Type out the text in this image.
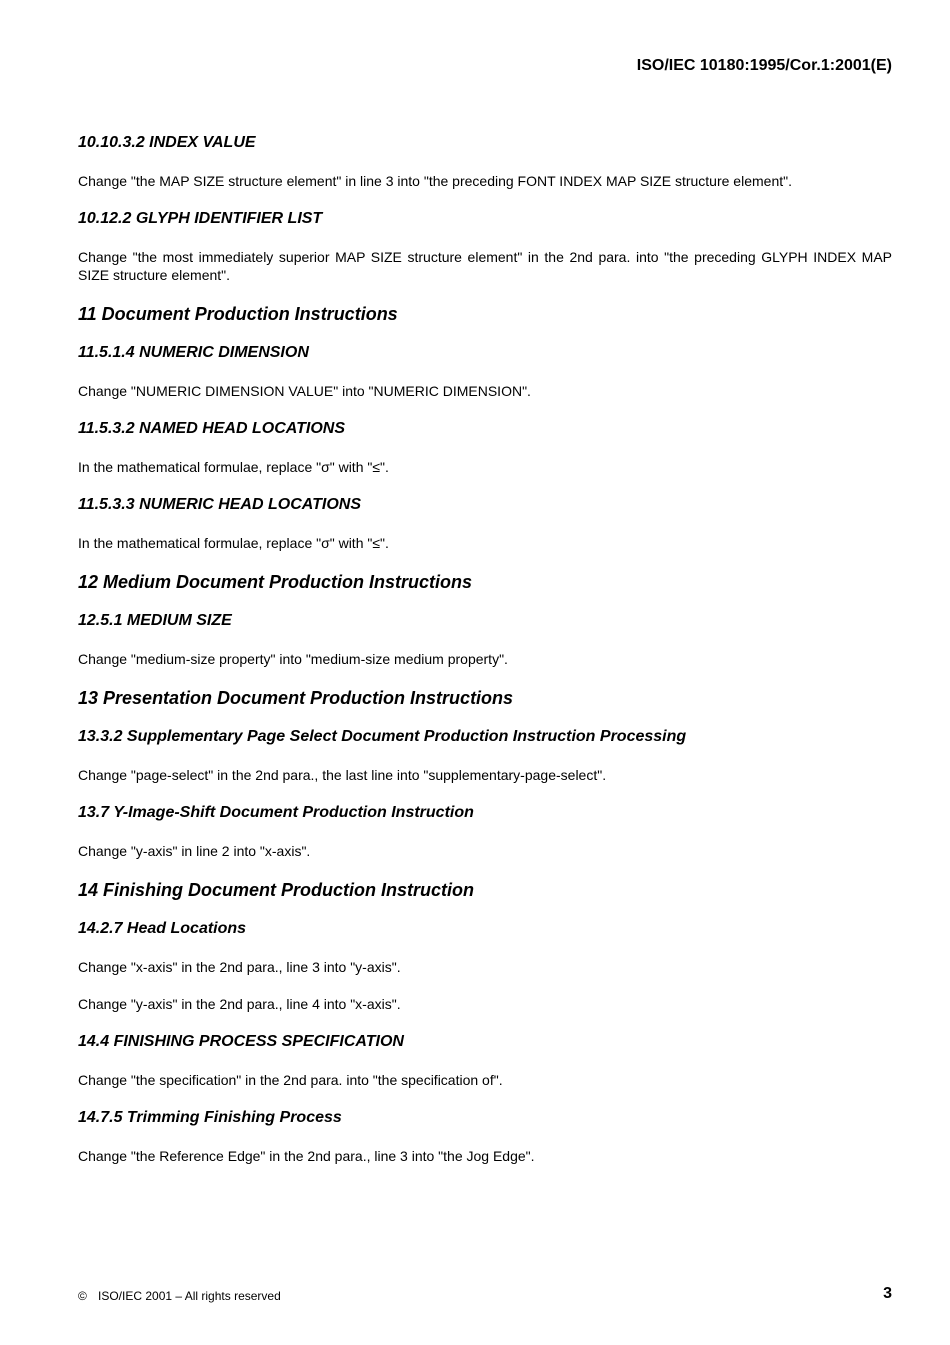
ISO/IEC 10180:1995/Cor.1:2001(E)
10.10.3.2 INDEX VALUE

Change "the MAP SIZE structure element" in line 3 into "the preceding FONT INDEX MAP SIZE structure element".

10.12.2 GLYPH IDENTIFIER LIST

Change "the most immediately superior MAP SIZE structure element" in the 2nd para. into "the preceding GLYPH INDEX MAP SIZE structure element".

11 Document Production Instructions
11.5.1.4 NUMERIC DIMENSION

Change "NUMERIC DIMENSION VALUE" into "NUMERIC DIMENSION".

11.5.3.2 NAMED HEAD LOCATIONS

In the mathematical formulae, replace "σ" with "≤".

11.5.3.3 NUMERIC HEAD LOCATIONS

In the mathematical formulae, replace "σ" with "≤".

12 Medium Document Production Instructions
12.5.1 MEDIUM SIZE

Change "medium-size property" into "medium-size medium property".

13 Presentation Document Production Instructions
13.3.2 Supplementary Page Select Document Production Instruction Processing

Change "page-select" in the 2nd para., the last line into "supplementary-page-select".

13.7 Y-Image-Shift Document Production Instruction

Change "y-axis" in line 2 into "x-axis".

14 Finishing Document Production Instruction
14.2.7 Head Locations

Change "x-axis" in the 2nd para., line 3 into "y-axis".

Change "y-axis" in the 2nd para., line 4 into "x-axis".

14.4 FINISHING PROCESS SPECIFICATION

Change "the specification" in the 2nd para. into "the specification of".

14.7.5 Trimming Finishing Process

Change "the Reference Edge" in the 2nd para., line 3 into "the Jog Edge".

© ISO/IEC 2001 – All rights reserved	3
